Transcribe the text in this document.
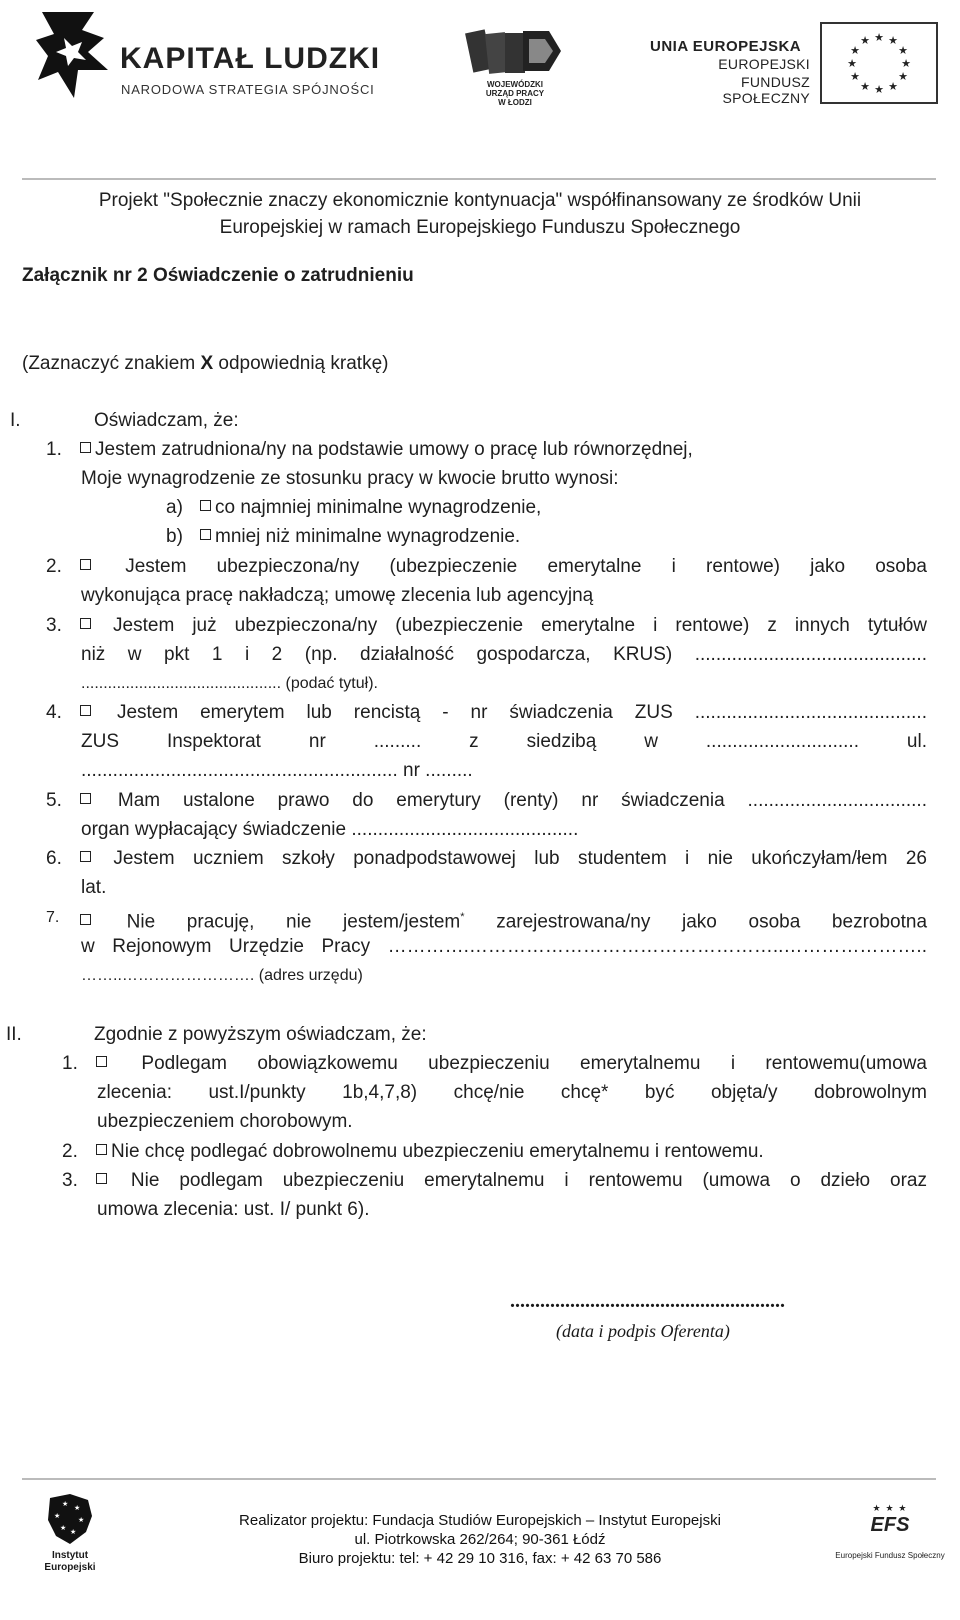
KAPITAŁ LUDZKI
NARODOWA STRATEGIA SPÓJNOŚCI	WOJEWÓDZKI
URZĄD PRACY
W ŁODZI
UNIA EUROPEJSKA
EUROPEJSKI
FUNDUSZ SPOŁECZNY
★ ★
★
★
★
★
★
★
★
★
★
★
Projekt "Społecznie znaczy ekonomicznie kontynuacja" współfinansowany ze środków Unii
Europejskiej w ramach Europejskiego Funduszu Społecznego
Załącznik nr 2 Oświadczenie o zatrudnieniu
(Zaznaczyć znakiem X odpowiednią kratkę)
I.	Oświadczam, że:
1.	Jestem zatrudniona/ny na podstawie umowy o pracę lub równorzędnej,
Moje wynagrodzenie ze stosunku pracy w kwocie brutto wynosi:
a)	co najmniej minimalne wynagrodzenie,
b)	mniej niż minimalne wynagrodzenie.
2.	Jestem ubezpieczona/ny (ubezpieczenie emerytalne i rentowe) jako osoba
wykonująca pracę nakładczą; umowę zlecenia lub agencyjną
3.	Jestem już ubezpieczona/ny (ubezpieczenie emerytalne i rentowe) z innych tytułów
niż w pkt 1 i 2 (np. działalność gospodarcza, KRUS) ............................................
............................................. (podać tytuł).
4.	Jestem emerytem lub rencistą - nr świadczenia ZUS ............................................
ZUS Inspektorat nr ......... z siedzibą w ............................. ul.
............................................................ nr .........
5.	Mam ustalone prawo do emerytury (renty) nr świadczenia ..................................
organ wypłacający świadczenie ...........................................
6.	Jestem uczniem szkoły ponadpodstawowej lub studentem i nie ukończyłam/łem 26
lat.
7.	Nie pracuję, nie jestem/jestem* zarejestrowana/ny jako osoba bezrobotna
w Rejonowym Urzędzie Pracy ………….…………………………………………..…………………..
……..……………………. (adres urzędu)
II.	Zgodnie z powyższym oświadczam, że:
1.	Podlegam obowiązkowemu ubezpieczeniu emerytalnemu i rentowemu(umowa
zlecenia: ust.I/punkty 1b,4,7,8) chcę/nie chcę* być objęta/y dobrowolnym
ubezpieczeniem chorobowym.
2.	Nie chcę podlegać dobrowolnemu ubezpieczeniu emerytalnemu i rentowemu.
3.	Nie podlegam ubezpieczeniu emerytalnemu i rentowemu (umowa o dzieło oraz
umowa zlecenia: ust. I/ punkt 6).
.......................................................
(data i podpis Oferenta)
★ ★
★	★
★ ★
Instytut
Europejski
Realizator projektu: Fundacja Studiów Europejskich – Instytut Europejski
ul. Piotrkowska 262/264; 90-361 Łódź
Biuro projektu: tel: + 42 29 10 316, fax: + 42 63 70 586
★ ★ ★
EFS
Europejski Fundusz Społeczny
